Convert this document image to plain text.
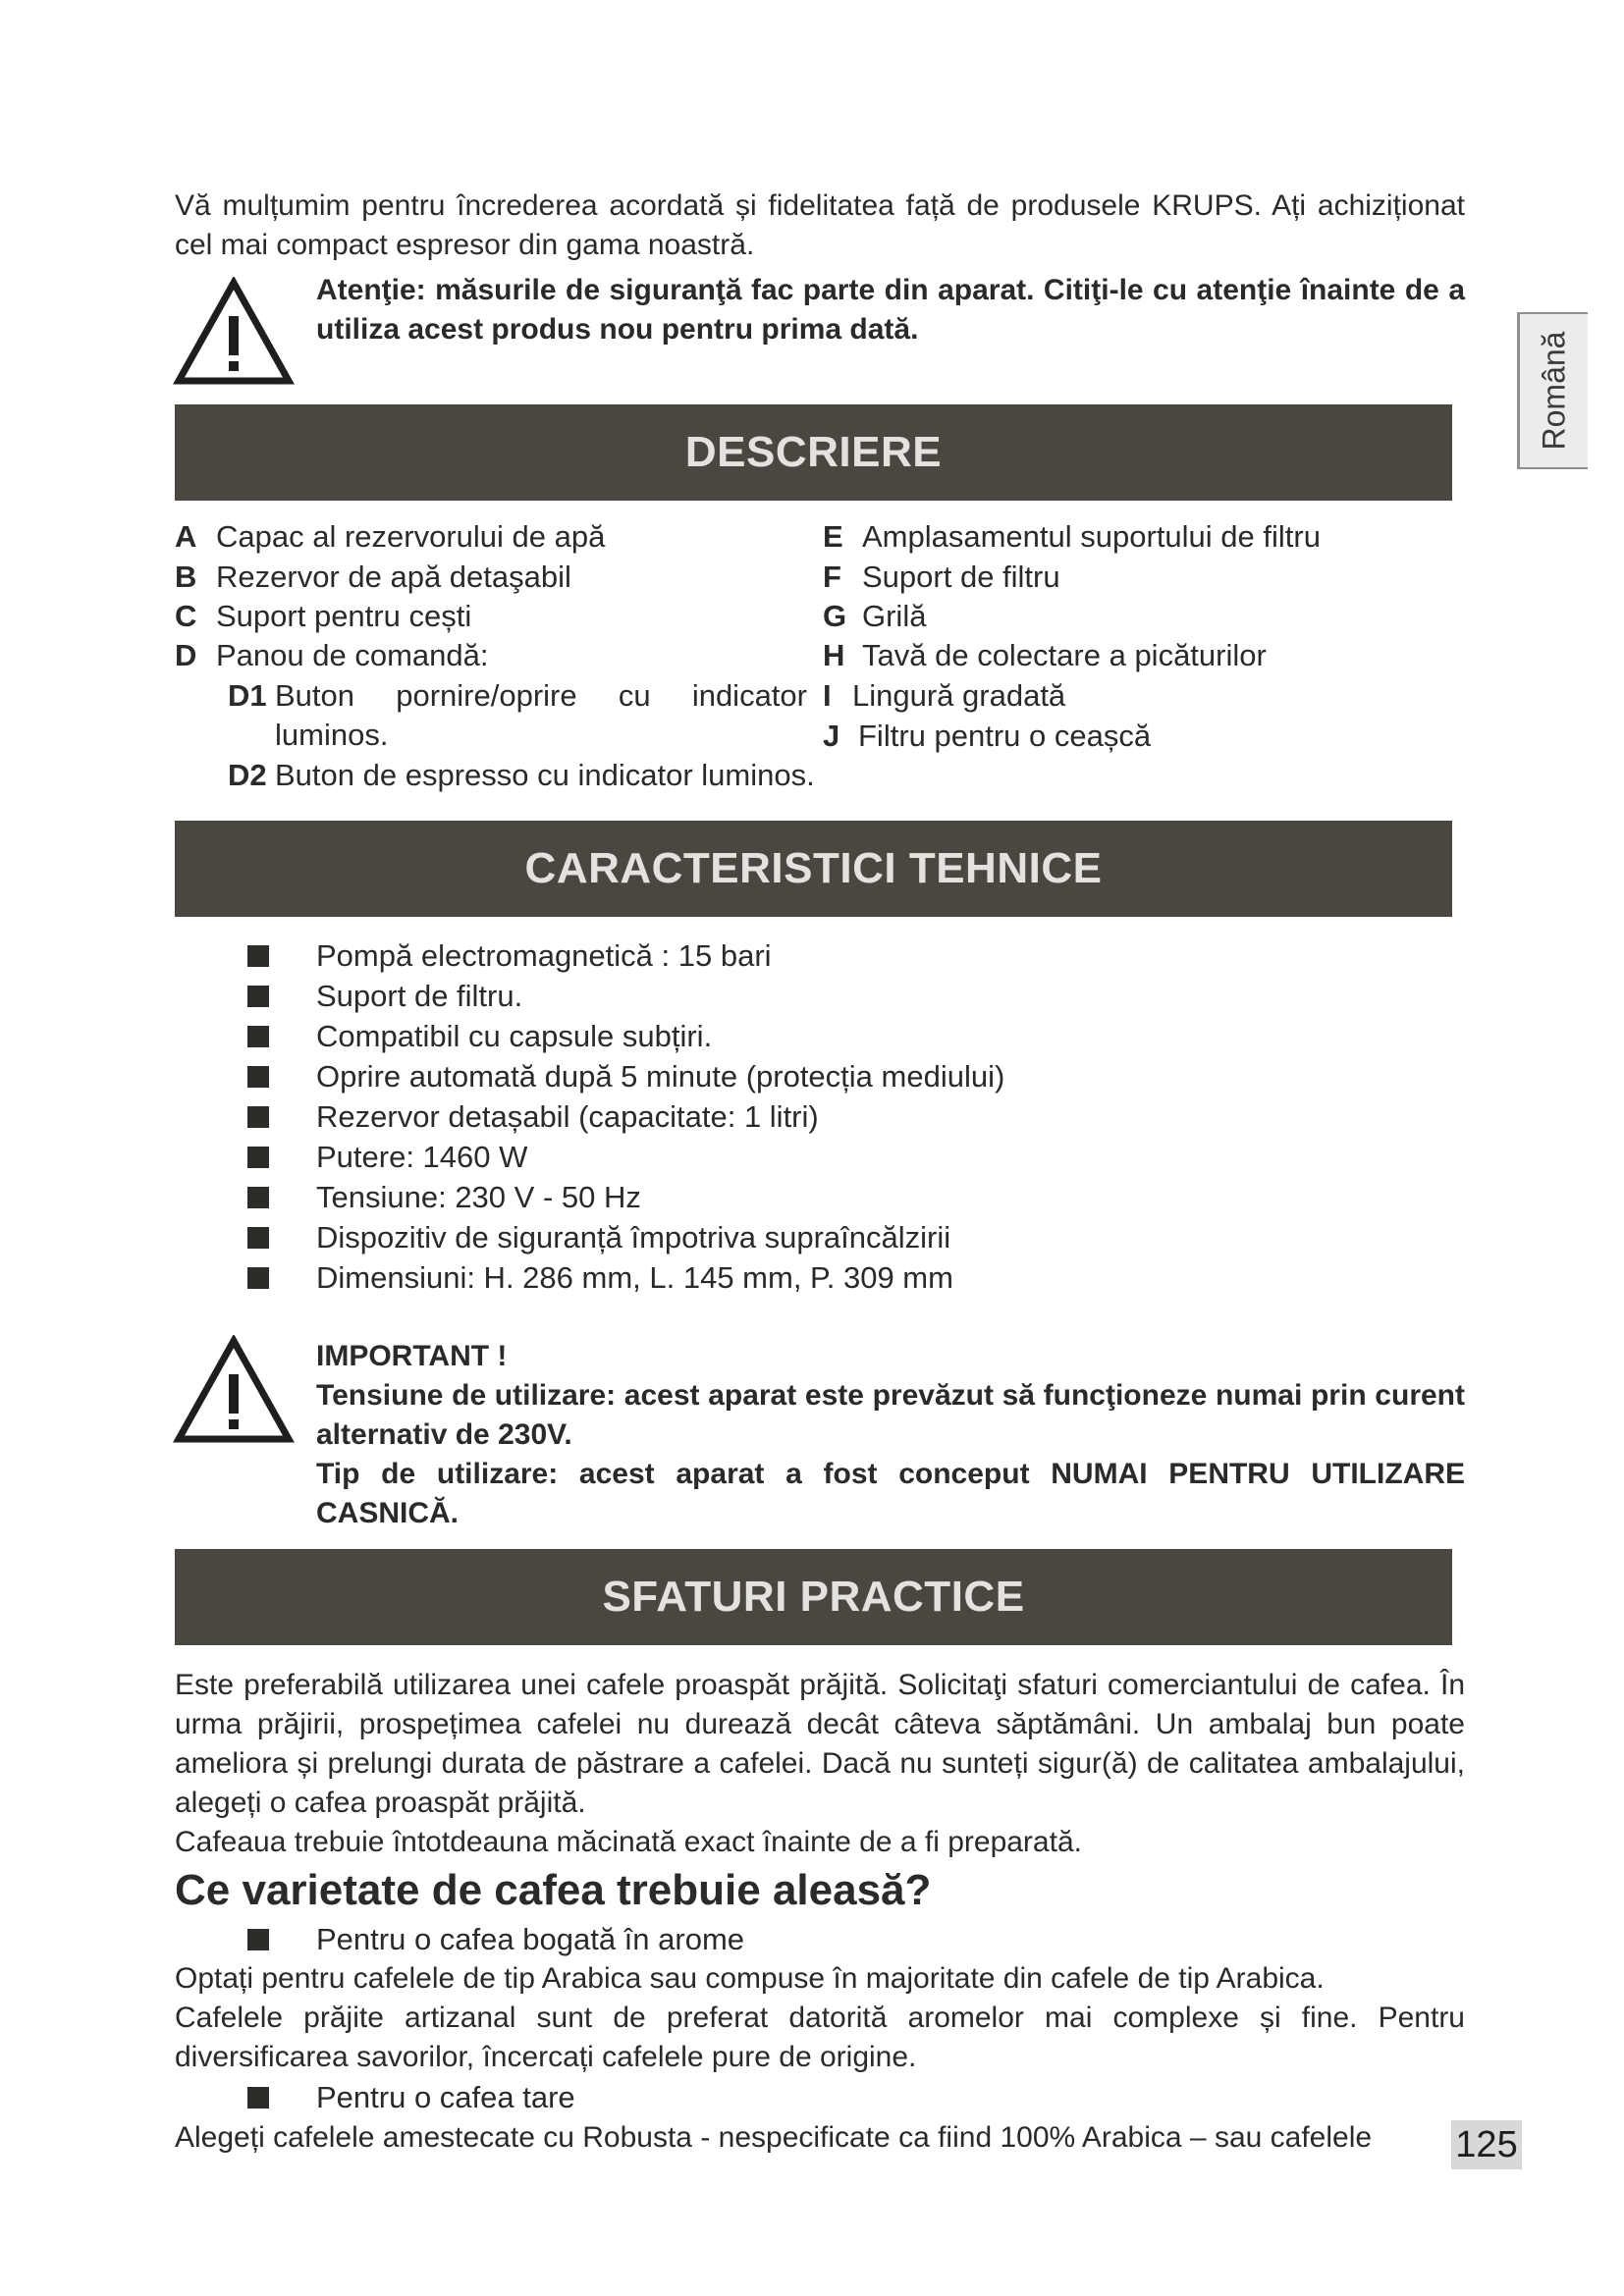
Română

Vă mulțumim pentru încrederea acordată și fidelitatea față de produsele KRUPS. Ați achiziționat cel mai compact espresor din gama noastră.

Atenţie: măsurile de siguranţă fac parte din aparat. Citiţi-le cu atenţie înainte de a utiliza acest produs nou pentru prima dată.

DESCRIERE
A Capac al rezervorului de apă
B Rezervor de apă detaşabil
C Suport pentru cești
D Panou de comandă:
D1 Buton pornire/oprire cu indicator luminos.
D2 Buton de espresso cu indicator luminos.
E Amplasamentul suportului de filtru
F Suport de filtru
G Grilă
H Tavă de colectare a picăturilor
I Lingură gradată
J Filtru pentru o ceașcă
CARACTERISTICI TEHNICE
Pompă electromagnetică : 15 bari
Suport de filtru.
Compatibil cu capsule subțiri.
Oprire automată după 5 minute (protecția mediului)
Rezervor detașabil (capacitate: 1 litri)
Putere: 1460 W
Tensiune: 230 V - 50 Hz
Dispozitiv de siguranță împotriva supraîncălzirii
Dimensiuni: H. 286 mm, L. 145 mm, P. 309 mm

IMPORTANT !

Tensiune de utilizare: acest aparat este prevăzut să funcţioneze numai prin curent alternativ de 230V.

Tip de utilizare: acest aparat a fost conceput NUMAI PENTRU UTILIZARE CASNICĂ.

SFATURI PRACTICE

Este preferabilă utilizarea unei cafele proaspăt prăjită. Solicitaţi sfaturi comerciantului de cafea. În urma prăjirii, prospețimea cafelei nu durează decât câteva săptămâni. Un ambalaj bun poate ameliora și prelungi durata de păstrare a cafelei. Dacă nu sunteți sigur(ă) de calitatea ambalajului, alegeți o cafea proaspăt prăjită.

Cafeaua trebuie întotdeauna măcinată exact înainte de a fi preparată.

Ce varietate de cafea trebuie aleasă?
Pentru o cafea bogată în arome

Optați pentru cafelele de tip Arabica sau compuse în majoritate din cafele de tip Arabica.

Cafelele prăjite artizanal sunt de preferat datorită aromelor mai complexe și fine. Pentru diversificarea savorilor, încercați cafelele pure de origine.

Pentru o cafea tare

Alegeți cafelele amestecate cu Robusta - nespecificate ca fiind 100% Arabica – sau cafelele	125
